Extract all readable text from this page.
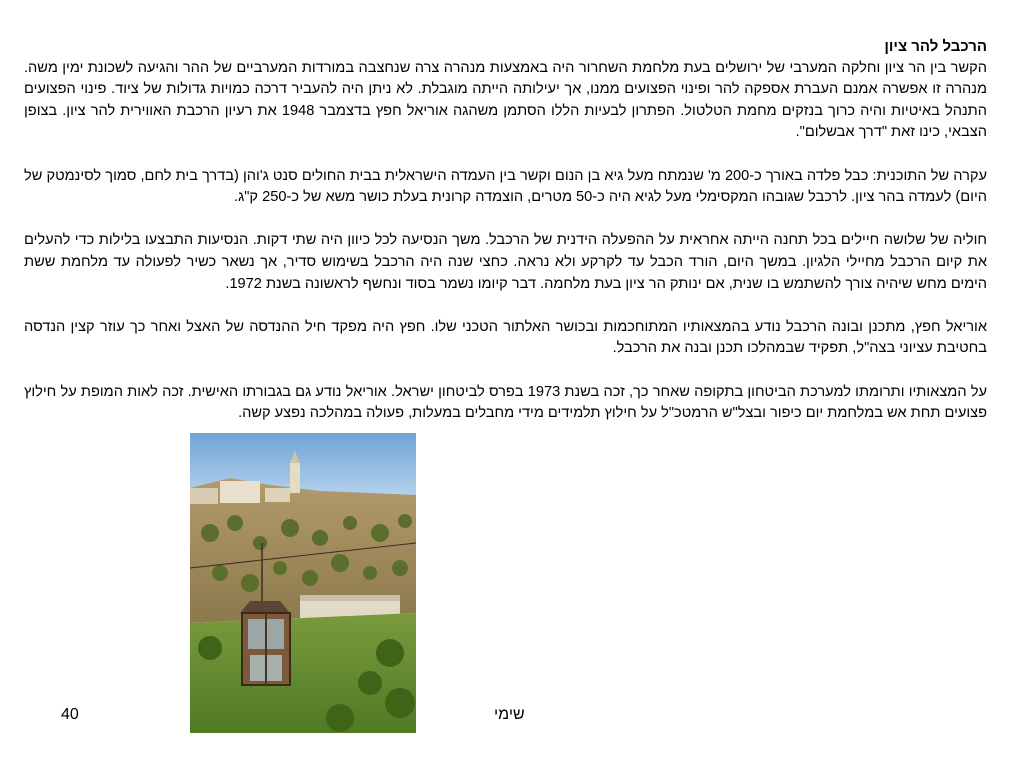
הרכבל להר ציון

הקשר בין הר ציון וחלקה המערבי של ירושלים בעת מלחמת השחרור היה באמצעות מנהרה צרה שנחצבה במורדות המערביים של ההר והגיעה לשכונת ימין משה. מנהרה זו אפשרה אמנם העברת אספקה להר ופינוי הפצועים ממנו, אך יעילותה הייתה מוגבלת. לא ניתן היה להעביר דרכה כמויות גדולות של ציוד. פינוי הפצועים התנהל באיטיות והיה כרוך בנזקים מחמת הטלטול. הפתרון לבעיות הללו הסתמן משהגה אוריאל חפץ בדצמבר 1948 את רעיון הרכבת האווירית להר ציון. בצופן הצבאי, כינו זאת "דרך אבשלום".

עקרה של התוכנית: כבל פלדה באורך כ-200 מ' שנמתח מעל גיא בן הנום וקשר בין העמדה הישראלית בבית החולים סנט ג'והן (בדרך בית לחם, סמוך לסינמטק של היום) לעמדה בהר ציון. לרכבל שגובהו המקסימלי מעל לגיא היה כ-50 מטרים, הוצמדה קרונית בעלת כושר משא של כ-250 ק"ג.

חוליה של שלושה חיילים בכל תחנה הייתה אחראית על ההפעלה הידנית של הרכבל. משך הנסיעה לכל כיוון היה שתי דקות. הנסיעות התבצעו בלילות כדי להעלים את קיום הרכבל מחיילי הלגיון. במשך היום, הורד הכבל עד לקרקע ולא נראה. כחצי שנה היה הרכבל בשימוש סדיר, אך נשאר כשיר לפעולה עד מלחמת ששת הימים מחש שיהיה צורך להשתמש בו שנית, אם ינותק הר ציון בעת מלחמה. דבר קיומו נשמר בסוד ונחשף לראשונה בשנת 1972.

אוריאל חפץ, מתכנן ובונה הרכבל נודע בהמצאותיו המתוחכמות ובכושר האלתור הטכני שלו. חפץ היה מפקד חיל ההנדסה של האצל ואחר כך עוזר קצין הנדסה בחטיבת עציוני בצה"ל, תפקיד שבמהלכו תכנן ובנה את הרכבל.

על המצאותיו ותרומתו למערכת הביטחון בתקופה שאחר כך, זכה בשנת 1973 בפרס לביטחון ישראל. אוריאל נודע גם בגבורתו האישית. זכה לאות המופת על חילוץ פצועים תחת אש במלחמת יום כיפור ובצל"ש הרמטכ"ל על חילוץ תלמידים מידי מחבלים במעלות, פעולה במהלכה נפצע קשה.

40	שימי
